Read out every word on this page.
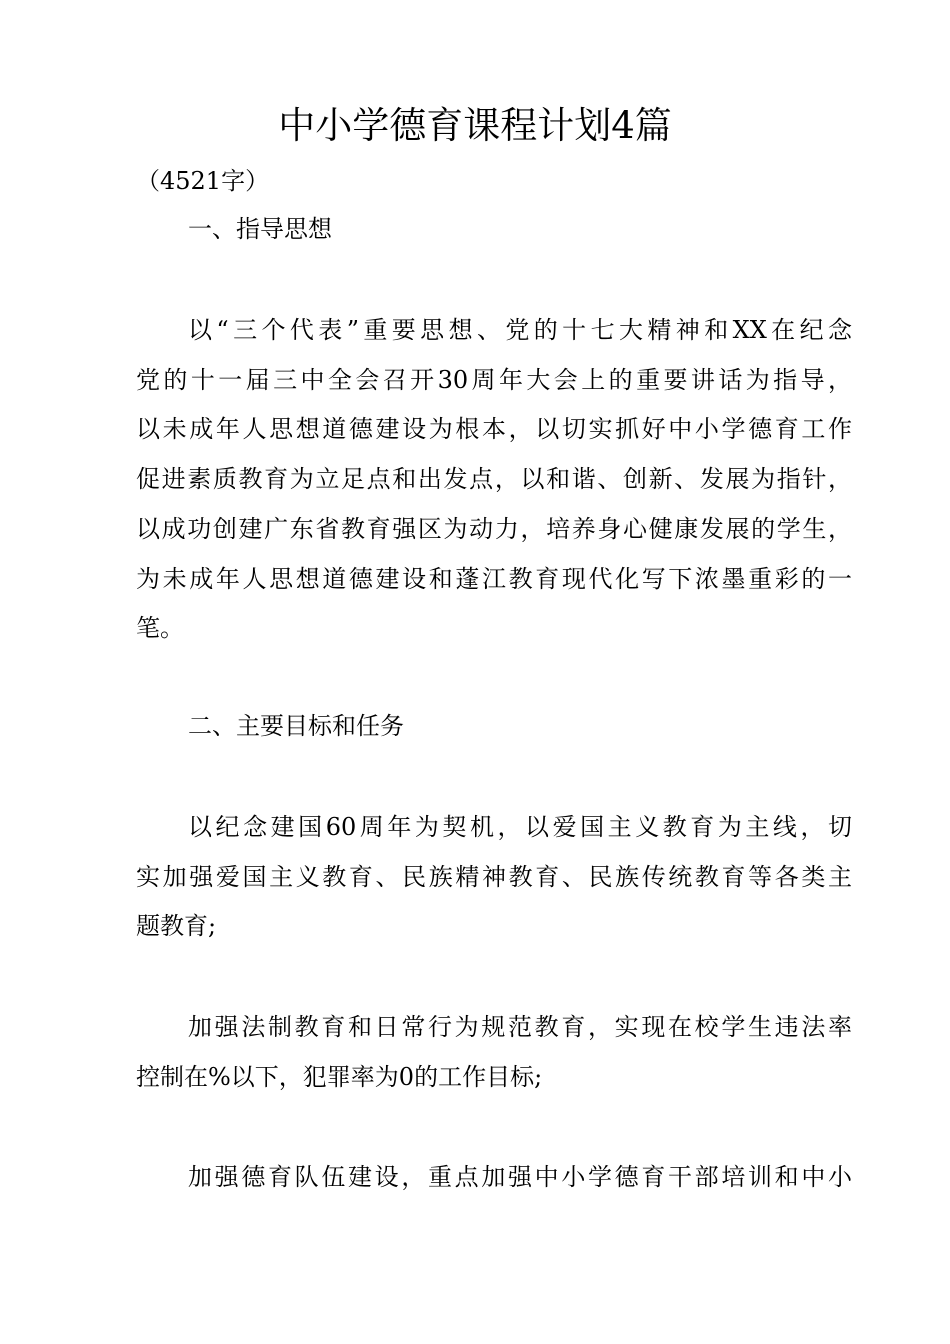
中小学德育课程计划4篇

（4521字）

一、指导思想
以“三个代表”重要思想、党的十七大精神和XX在纪念
党的十一届三中全会召开30周年大会上的重要讲话为指导，
以未成年人思想道德建设为根本，以切实抓好中小学德育工作
促进素质教育为立足点和出发点，以和谐、创新、发展为指针，
以成功创建广东省教育强区为动力，培养身心健康发展的学生，
为未成年人思想道德建设和蓬江教育现代化写下浓墨重彩的一
笔。
二、主要目标和任务
以纪念建国60周年为契机，以爱国主义教育为主线，切
实加强爱国主义教育、民族精神教育、民族传统教育等各类主
题教育;
加强法制教育和日常行为规范教育，实现在校学生违法率
控制在%以下，犯罪率为0的工作目标;
加强德育队伍建设，重点加强中小学德育干部培训和中小
